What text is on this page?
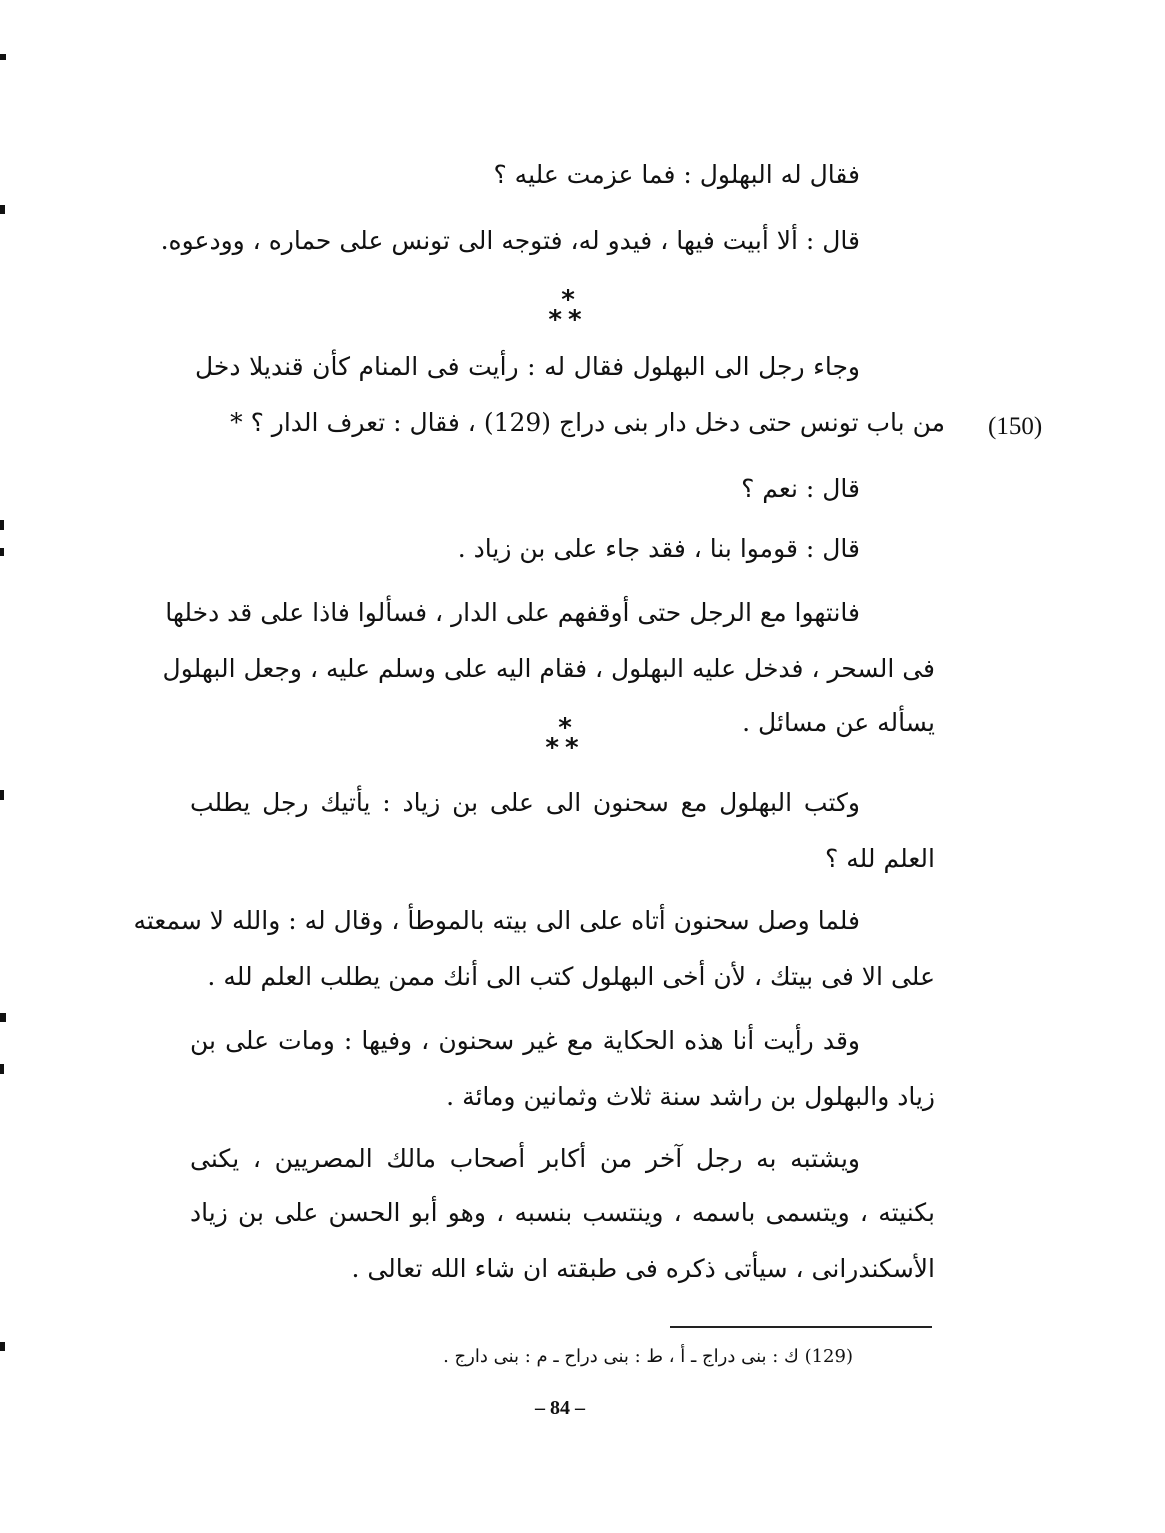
فقال له البهلول : فما عزمت عليه ؟
قال : ألا أبيت فيها ، فيدو له، فتوجه الى تونس على حماره ، وودعوه.
*
**
وجاء رجل الى البهلول فقال له : رأيت فى المنام كأن قنديلا دخل
من باب تونس حتى دخل دار بنى دراج (129) ، فقال : تعرف الدار ؟ * (150)
قال : نعم ؟
قال : قوموا بنا ، فقد جاء على بن زياد .
فانتهوا مع الرجل حتى أوقفهم على الدار ، فسألوا فاذا على قد دخلها
فى السحر ، فدخل عليه البهلول ، فقام اليه على وسلم عليه ، وجعل البهلول
يسأله عن مسائل .
*
**
وكتب البهلول مع سحنون الى على بن زياد : يأتيك رجل يطلب
العلم لله ؟
فلما وصل سحنون أتاه على الى بيته بالموطأ ، وقال له : والله لا سمعته
على الا فى بيتك ، لأن أخى البهلول كتب الى أنك ممن يطلب العلم لله .
وقد رأيت أنا هذه الحكاية مع غير سحنون ، وفيها : ومات على بن
زياد والبهلول بن راشد سنة ثلاث وثمانين ومائة .
ويشتبه به رجل آخر من أكابر أصحاب مالك المصريين ، يكنى
بكنيته ، ويتسمى باسمه ، وينتسب بنسبه ، وهو أبو الحسن على بن زياد
الأسكندرانى ، سيأتى ذكره فى طبقته ان شاء الله تعالى .
(129) ك : بنى دراج ـ أ ، ط : بنى دراح ـ م : بنى دارج .
– 84 –
